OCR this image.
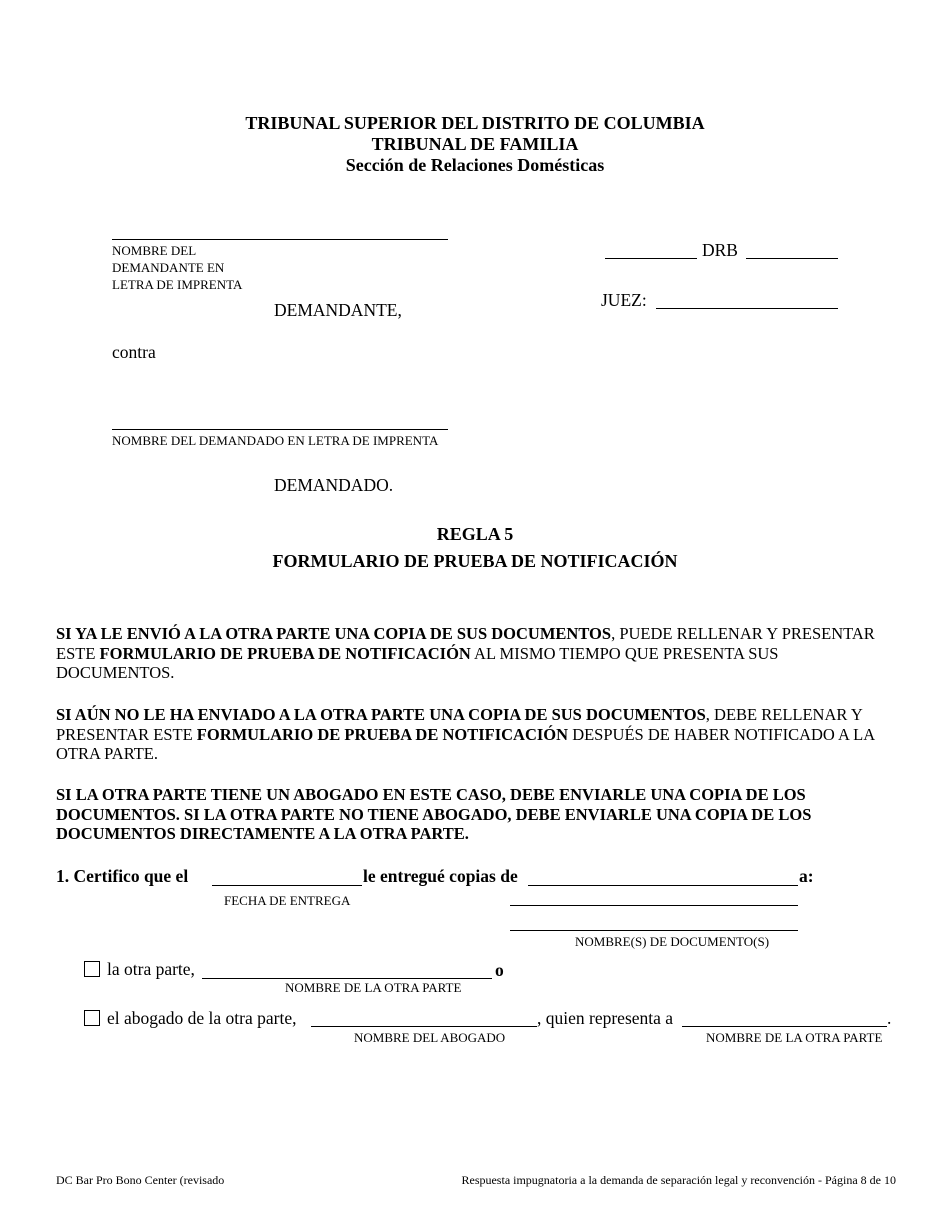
TRIBUNAL SUPERIOR DEL DISTRITO DE COLUMBIA
TRIBUNAL DE FAMILIA
Sección de Relaciones Domésticas
NOMBRE DEL
DEMANDANTE EN
LETRA DE IMPRENTA
DEMANDANTE,
contra
NOMBRE DEL DEMANDADO EN LETRA DE IMPRENTA
DEMANDADO.
DRB
JUEZ:
REGLA 5
FORMULARIO DE PRUEBA DE NOTIFICACIÓN
SI YA LE ENVIÓ A LA OTRA PARTE UNA COPIA DE SUS DOCUMENTOS, PUEDE RELLENAR Y PRESENTAR ESTE FORMULARIO DE PRUEBA DE NOTIFICACIÓN AL MISMO TIEMPO QUE PRESENTA SUS DOCUMENTOS.
SI AÚN NO LE HA ENVIADO A LA OTRA PARTE UNA COPIA DE SUS DOCUMENTOS, DEBE RELLENAR Y PRESENTAR ESTE FORMULARIO DE PRUEBA DE NOTIFICACIÓN DESPUÉS DE HABER NOTIFICADO A LA OTRA PARTE.
SI LA OTRA PARTE TIENE UN ABOGADO EN ESTE CASO, DEBE ENVIARLE UNA COPIA DE LOS DOCUMENTOS. SI LA OTRA PARTE NO TIENE ABOGADO, DEBE ENVIARLE UNA COPIA DE LOS DOCUMENTOS DIRECTAMENTE A LA OTRA PARTE.
1. Certifico que el	le entregué copias de	a:
FECHA DE ENTREGA
NOMBRE(S) DE DOCUMENTO(S)
la otra parte,	o
NOMBRE DE LA OTRA PARTE
el abogado de la otra parte,	, quien representa a	.
NOMBRE DEL ABOGADO	NOMBRE DE LA OTRA PARTE
DC Bar Pro Bono Center (revisado	Respuesta impugnatoria a la demanda de separación legal y reconvención - Página 8 de 10
